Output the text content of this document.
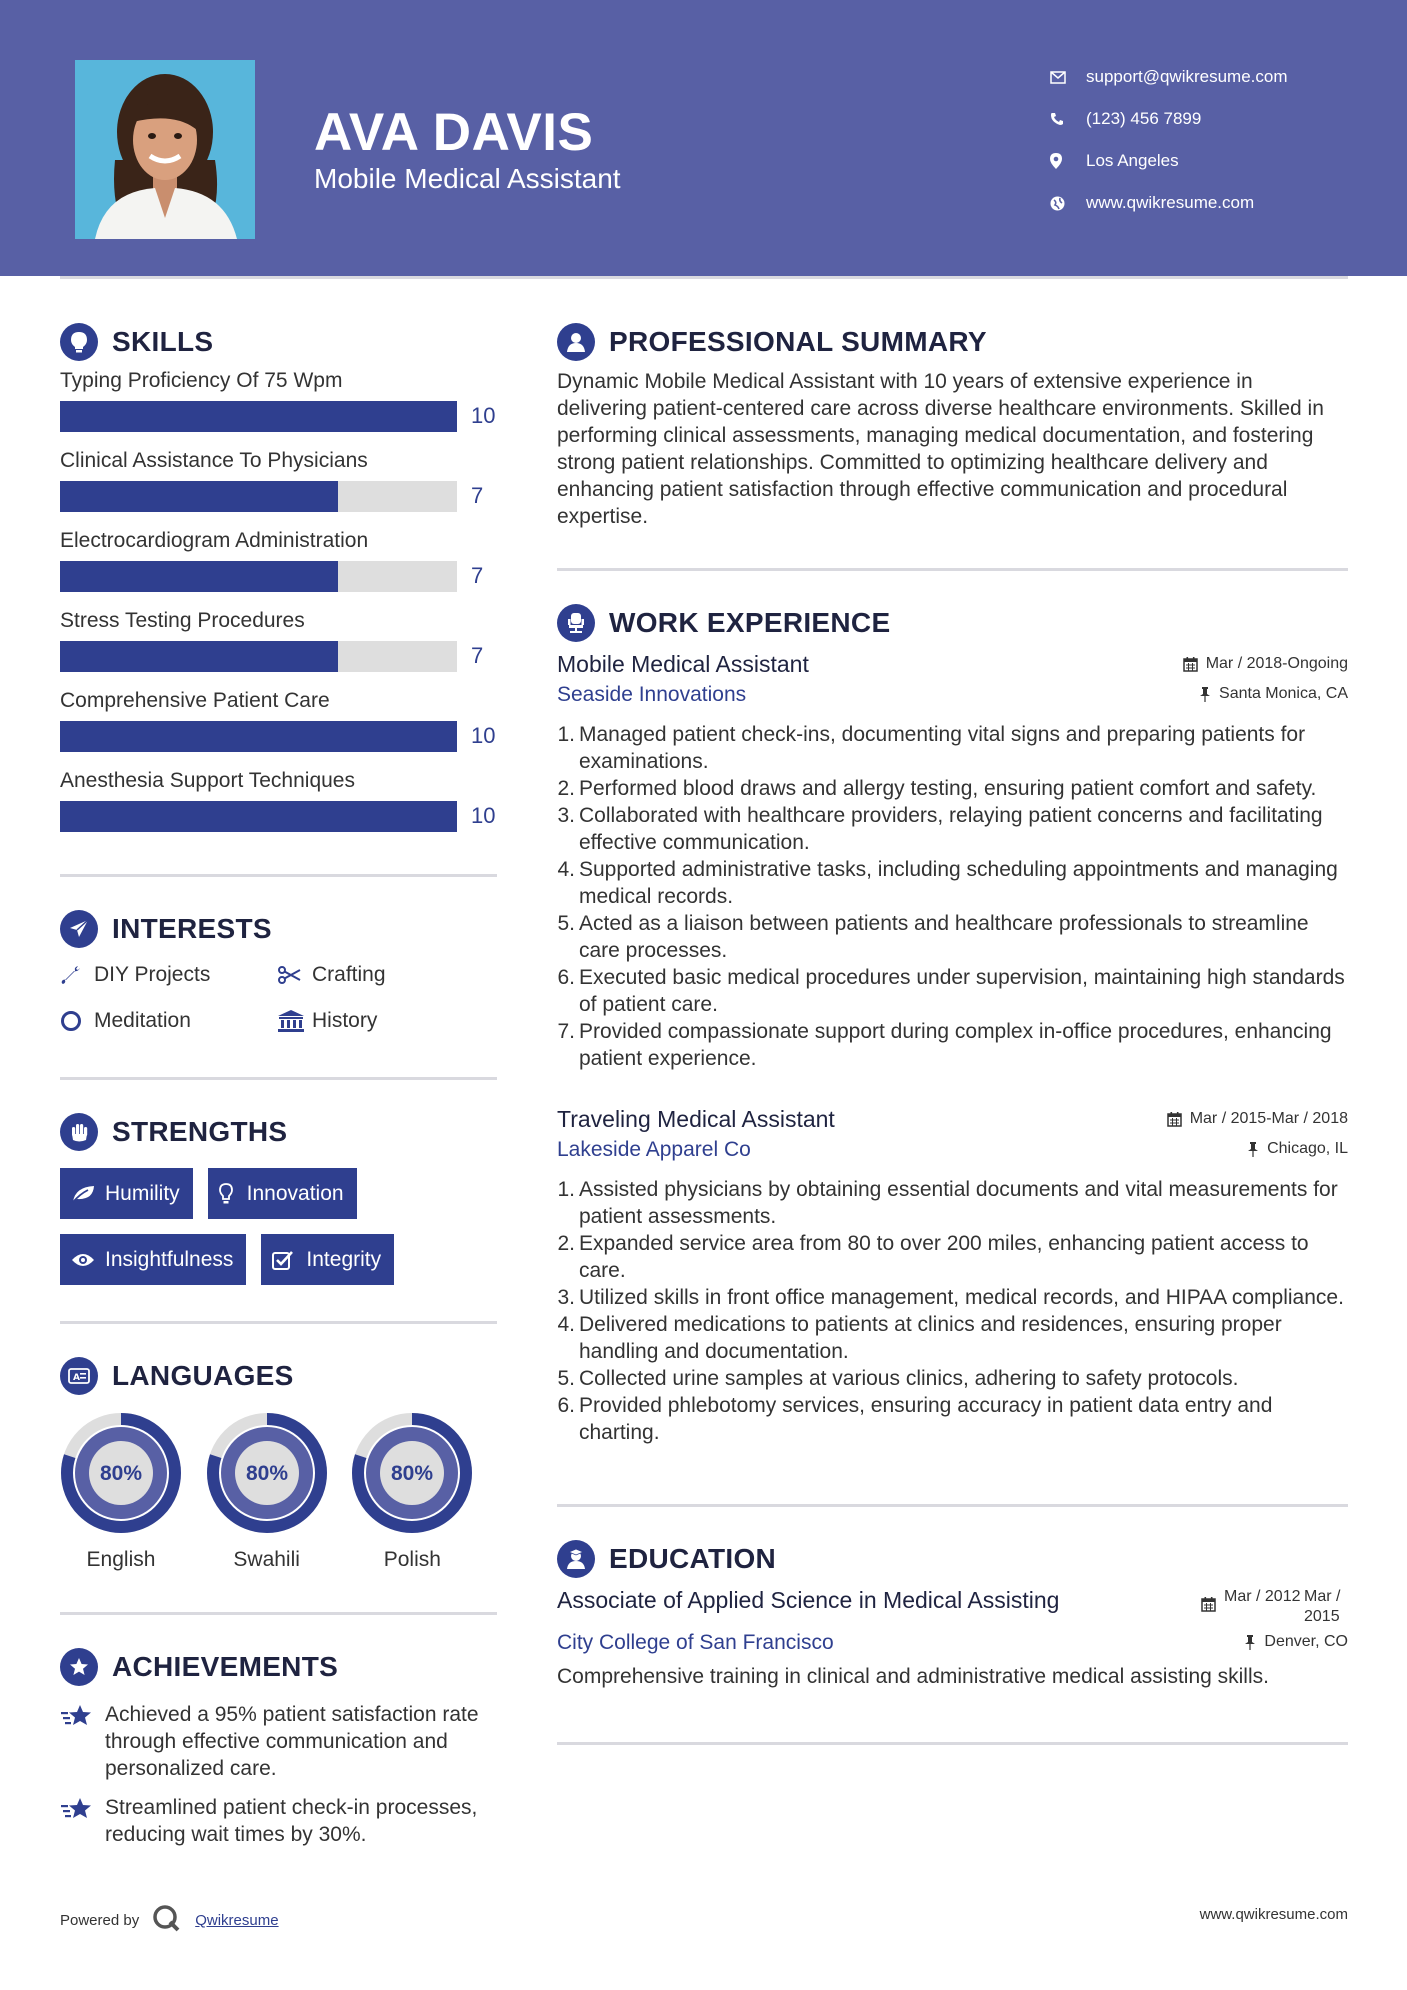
AVA DAVIS
Mobile Medical Assistant
support@qwikresume.com
(123) 456 7899
Los Angeles
www.qwikresume.com
SKILLS
Typing Proficiency Of 75 Wpm
10
Clinical Assistance To Physicians
7
Electrocardiogram Administration
7
Stress Testing Procedures
7
Comprehensive Patient Care
10
Anesthesia Support Techniques
10
INTERESTS
DIY Projects	Crafting
Meditation	History
STRENGTHS
Humility	Innovation
Insightfulness	Integrity
A LANGUAGES
80%
English
80%
Swahili
80%
Polish
ACHIEVEMENTS
Achieved a 95% patient satisfaction rate through effective communication and personalized care.
Streamlined patient check-in processes, reducing wait times by 30%.
PROFESSIONAL SUMMARY

Dynamic Mobile Medical Assistant with 10 years of extensive experience in delivering patient-centered care across diverse healthcare environments. Skilled in performing clinical assessments, managing medical documentation, and fostering strong patient relationships. Committed to optimizing healthcare delivery and enhancing patient satisfaction through effective communication and procedural expertise.

WORK EXPERIENCE
Mobile Medical Assistant	Mar / 2018-Ongoing
Seaside Innovations	Santa Monica, CA
1. Managed patient check-ins, documenting vital signs and preparing patients for examinations.
2. Performed blood draws and allergy testing, ensuring patient comfort and safety.
3. Collaborated with healthcare providers, relaying patient concerns and facilitating effective communication.
4. Supported administrative tasks, including scheduling appointments and managing medical records.
5. Acted as a liaison between patients and healthcare professionals to streamline care processes.
6. Executed basic medical procedures under supervision, maintaining high standards of patient care.
7. Provided compassionate support during complex in-office procedures, enhancing patient experience.
Traveling Medical Assistant	Mar / 2015-Mar / 2018
Lakeside Apparel Co	Chicago, IL
1. Assisted physicians by obtaining essential documents and vital measurements for patient assessments.
2. Expanded service area from 80 to over 200 miles, enhancing patient access to care.
3. Utilized skills in front office management, medical records, and HIPAA compliance.
4. Delivered medications to patients at clinics and residences, ensuring proper handling and documentation.
5. Collected urine samples at various clinics, adhering to safety protocols.
6. Provided phlebotomy services, ensuring accuracy in patient data entry and charting.
EDUCATION
Associate of Applied Science in Medical Assisting	Mar / 2012 Mar / 2015
City College of San Francisco	Denver, CO

Comprehensive training in clinical and administrative medical assisting skills.

Powered by	Qwikresume	www.qwikresume.com
